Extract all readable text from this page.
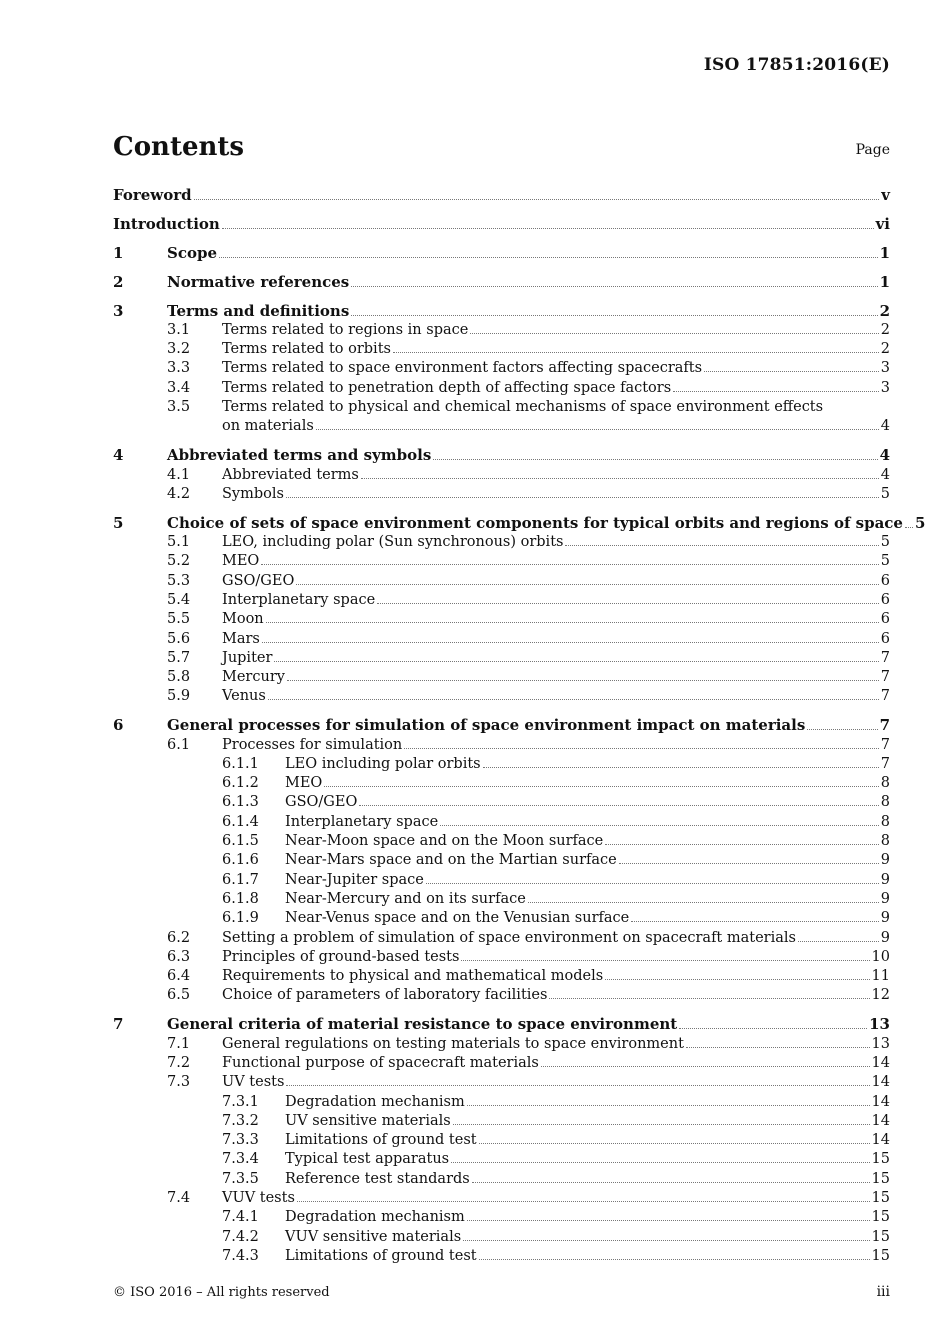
ISO 17851:2016(E)
Contents	Page
Foreword	v
Introduction	vi
1	Scope	1
2	Normative references	1
3	Terms and definitions	2
3.1 Terms related to regions in space	2
3.2 Terms related to orbits	2
3.3 Terms related to space environment factors affecting spacecrafts	3
3.4 Terms related to penetration depth of affecting space factors	3
3.5 Terms related to physical and chemical mechanisms of space environment effects
on materials	4
4	Abbreviated terms and symbols	4
4.1 Abbreviated terms	4
4.2 Symbols	5
5	Choice of sets of space environment components for typical orbits and regions of space 5
5.1 LEO, including polar (Sun synchronous) orbits	5
5.2 MEO	5
5.3 GSO/GEO	6
5.4 Interplanetary space	6
5.5 Moon	6
5.6 Mars	6
5.7 Jupiter	7
5.8 Mercury	7
5.9 Venus	7
6	General processes for simulation of space environment impact on materials	7
6.1 Processes for simulation	7
6.1.1 LEO including polar orbits	7
6.1.2 MEO	8
6.1.3 GSO/GEO	8
6.1.4 Interplanetary space	8
6.1.5 Near-Moon space and on the Moon surface	8
6.1.6 Near-Mars space and on the Martian surface	9
6.1.7 Near-Jupiter space	9
6.1.8 Near-Mercury and on its surface	9
6.1.9 Near-Venus space and on the Venusian surface	9
6.2 Setting a problem of simulation of space environment on spacecraft materials	9
6.3 Principles of ground-based tests	10
6.4 Requirements to physical and mathematical models	11
6.5 Choice of parameters of laboratory facilities	12
7	General criteria of material resistance to space environment	13
7.1 General regulations on testing materials to space environment	13
7.2 Functional purpose of spacecraft materials	14
7.3 UV tests	14
7.3.1 Degradation mechanism	14
7.3.2 UV sensitive materials	14
7.3.3 Limitations of ground test	14
7.3.4 Typical test apparatus	15
7.3.5 Reference test standards	15
7.4 VUV tests	15
7.4.1 Degradation mechanism	15
7.4.2 VUV sensitive materials	15
7.4.3 Limitations of ground test	15
© ISO 2016 – All rights reserved	iii
